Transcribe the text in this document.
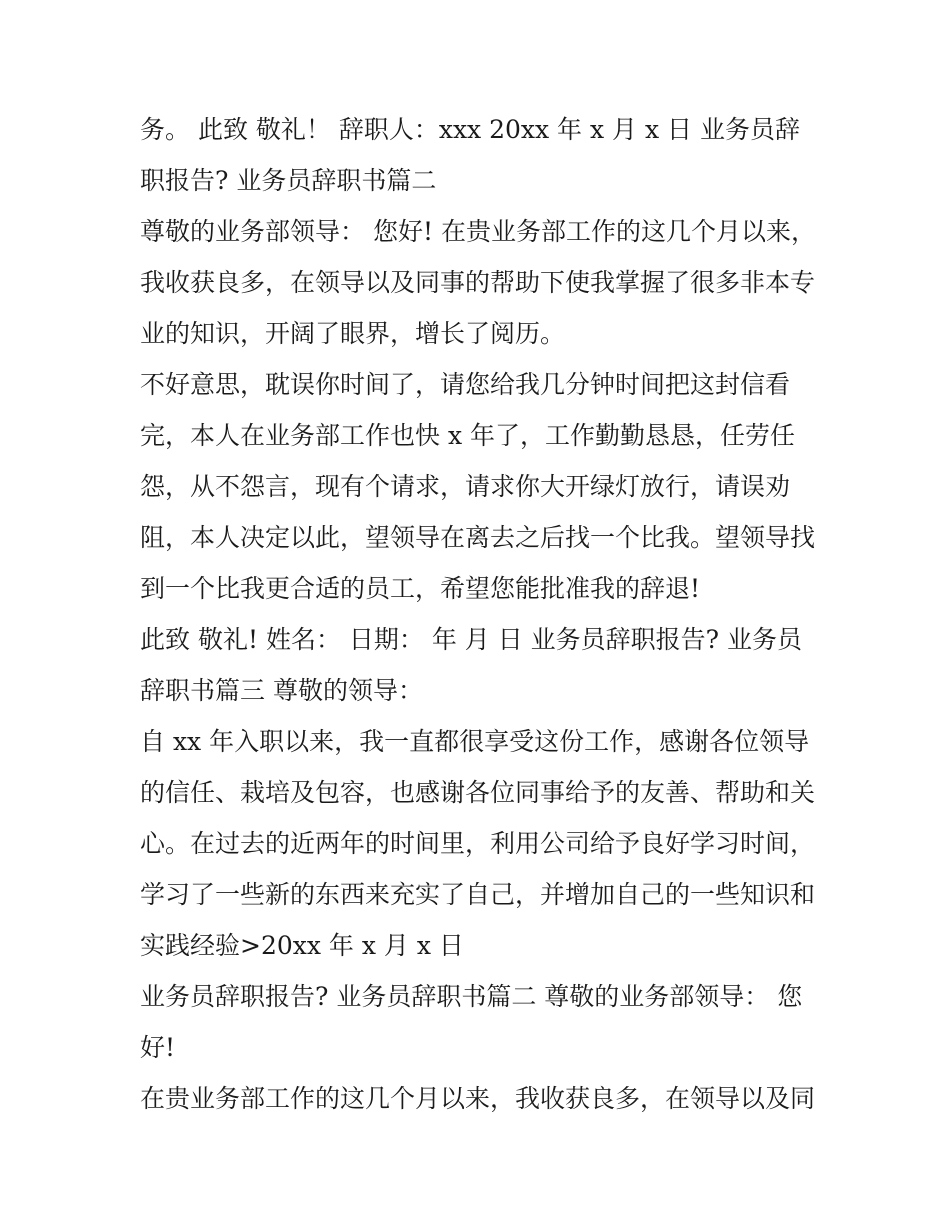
务。 此致 敬礼！ 辞职人：xxx 20xx 年 x 月 x 日 业务员辞职报告? 业务员辞职书篇二

尊敬的业务部领导： 您好! 在贵业务部工作的这几个月以来，我收获良多，在领导以及同事的帮助下使我掌握了很多非本专业的知识，开阔了眼界，增长了阅历。

不好意思，耽误你时间了，请您给我几分钟时间把这封信看完，本人在业务部工作也快 x 年了，工作勤勤恳恳，任劳任怨，从不怨言，现有个请求，请求你大开绿灯放行，请误劝阻，本人决定以此，望领导在离去之后找一个比我。望领导找到一个比我更合适的员工，希望您能批准我的辞退!

此致 敬礼! 姓名： 日期： 年 月 日 业务员辞职报告? 业务员辞职书篇三 尊敬的领导：

自 xx 年入职以来，我一直都很享受这份工作，感谢各位领导的信任、栽培及包容，也感谢各位同事给予的友善、帮助和关心。在过去的近两年的时间里，利用公司给予良好学习时间，学习了一些新的东西来充实了自己，并增加自己的一些知识和实践经验>20xx 年 x 月 x 日

业务员辞职报告? 业务员辞职书篇二 尊敬的业务部领导： 您好!

在贵业务部工作的这几个月以来，我收获良多，在领导以及同
